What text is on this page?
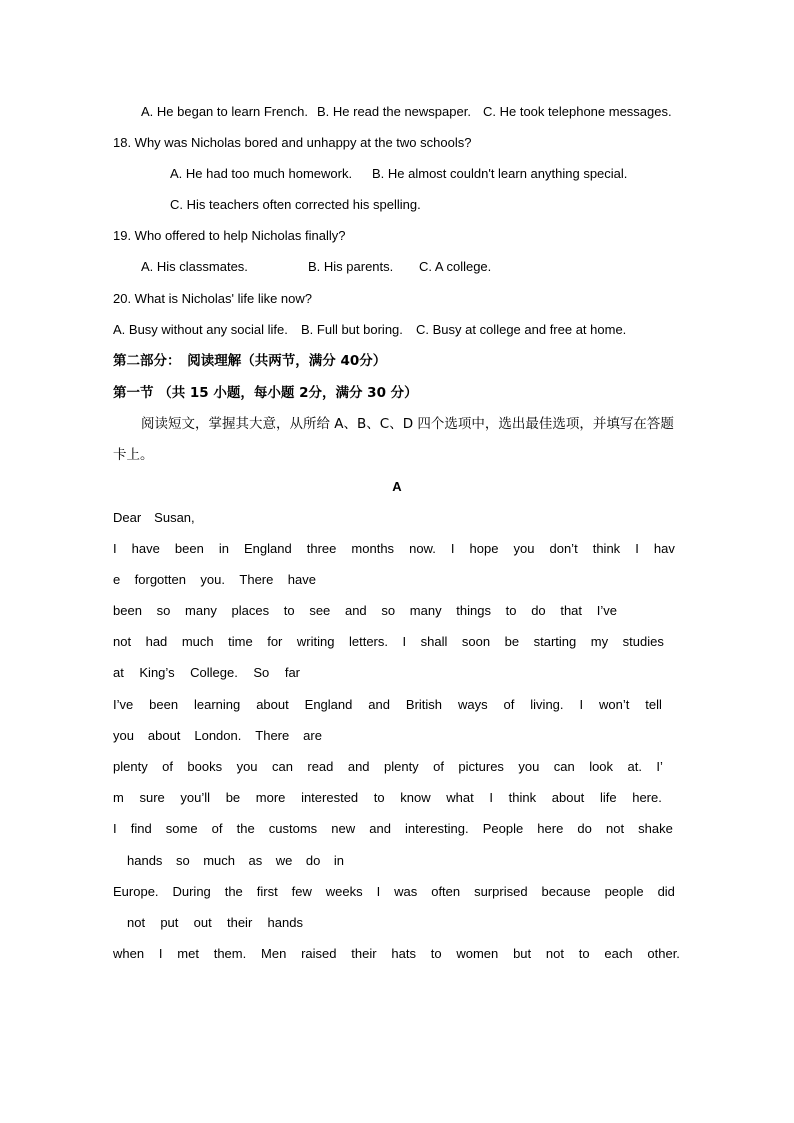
A. He began to learn French. B. He read the newspaper. C. He took telephone messages.
18. Why was Nicholas bored and unhappy at the two schools?
A. He had too much homework. B. He almost couldn't learn anything special.
C. His teachers often corrected his spelling.
19. Who offered to help Nicholas finally?
A. His classmates.	B. His parents. C. A college.
20. What is Nicholas' life like now?
A. Busy without any social life. B. Full but boring. C. Busy at college and free at home.
第二部分：　阅读理解（共两节，满分 40分）
第一节 （共 15 小题，每小题 2分，满分 30 分）
阅读短文，掌握其大意，从所给 A、B、C、D 四个选项中，选出最佳选项，并填写在答题
卡上。
A
Dear　Susan,
I have been in England three months now. I hope you don’t think I hav
e forgotten you. There have
been so many places to see and so many things to do that I’ve
not had much time for writing letters. I shall soon be starting my studies
at King’s College. So far
I’ve been learning about England and British ways of living. I won’t tell
you about London. There are
plenty of books you can read and plenty of pictures you can look at. I’
m sure you’ll be more interested to know what I think about life here.
I find some of the customs new and interesting. People here do not shake
hands so much as we do in
Europe. During the first few weeks I was often surprised because people did
not put out their hands
when I met them. Men raised their hats to women but not to each other.
